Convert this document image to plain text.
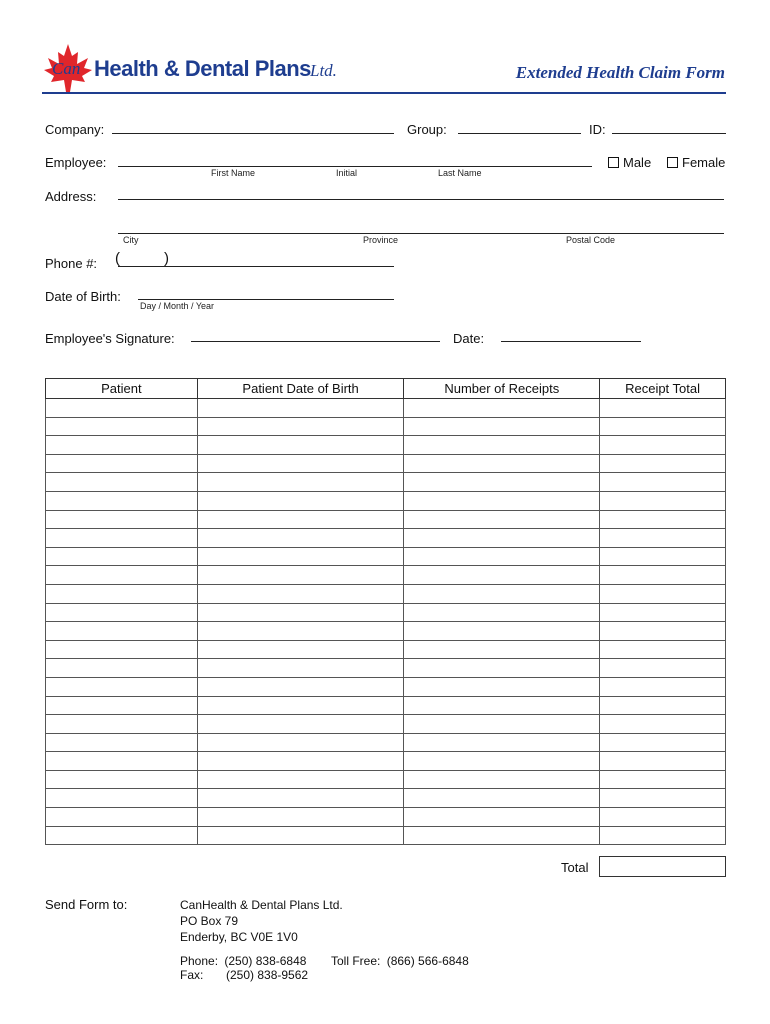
Can Health & Dental Plans Ltd.	Extended Health Claim Form
Company:	Group:	ID:
Employee:
First Name	Initial	Last Name
Male	Female
Address:
City	Province	Postal Code
Phone #: (	)
Date of Birth:
Day / Month / Year
Employee's Signature:	Date:
Patient	Patient Date of Birth	Number of Receipts	Receipt Total

Total
Send Form to:	CanHealth & Dental Plans Ltd.
PO Box 79
Enderby, BC V0E 1V0
Phone: (250) 838-6848 Toll Free: (866) 566-6848
Fax: (250) 838-9562
